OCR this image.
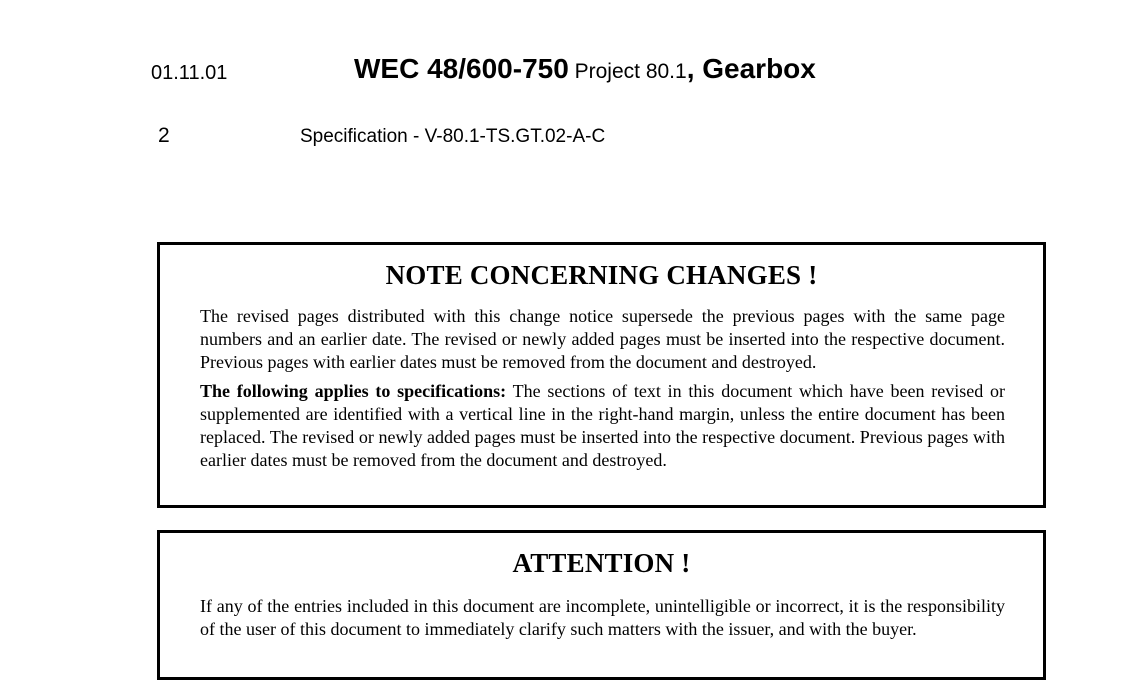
01.11.01	WEC 48/600-750 Project 80.1, Gearbox
2	Specification - V-80.1-TS.GT.02-A-C
NOTE CONCERNING CHANGES !

The revised pages distributed with this change notice supersede the previous pages with the same page numbers and an earlier date. The revised or newly added pages must be inserted into the respective document. Previous pages with earlier dates must be removed from the document and destroyed.

The following applies to specifications: The sections of text in this document which have been revised or supplemented are identified with a vertical line in the right-hand margin, unless the entire document has been replaced. The revised or newly added pages must be inserted into the respective document. Previous pages with earlier dates must be removed from the document and destroyed.

ATTENTION !

If any of the entries included in this document are incomplete, unintelligible or incorrect, it is the responsibility of the user of this document to immediately clarify such matters with the issuer, and with the buyer.
